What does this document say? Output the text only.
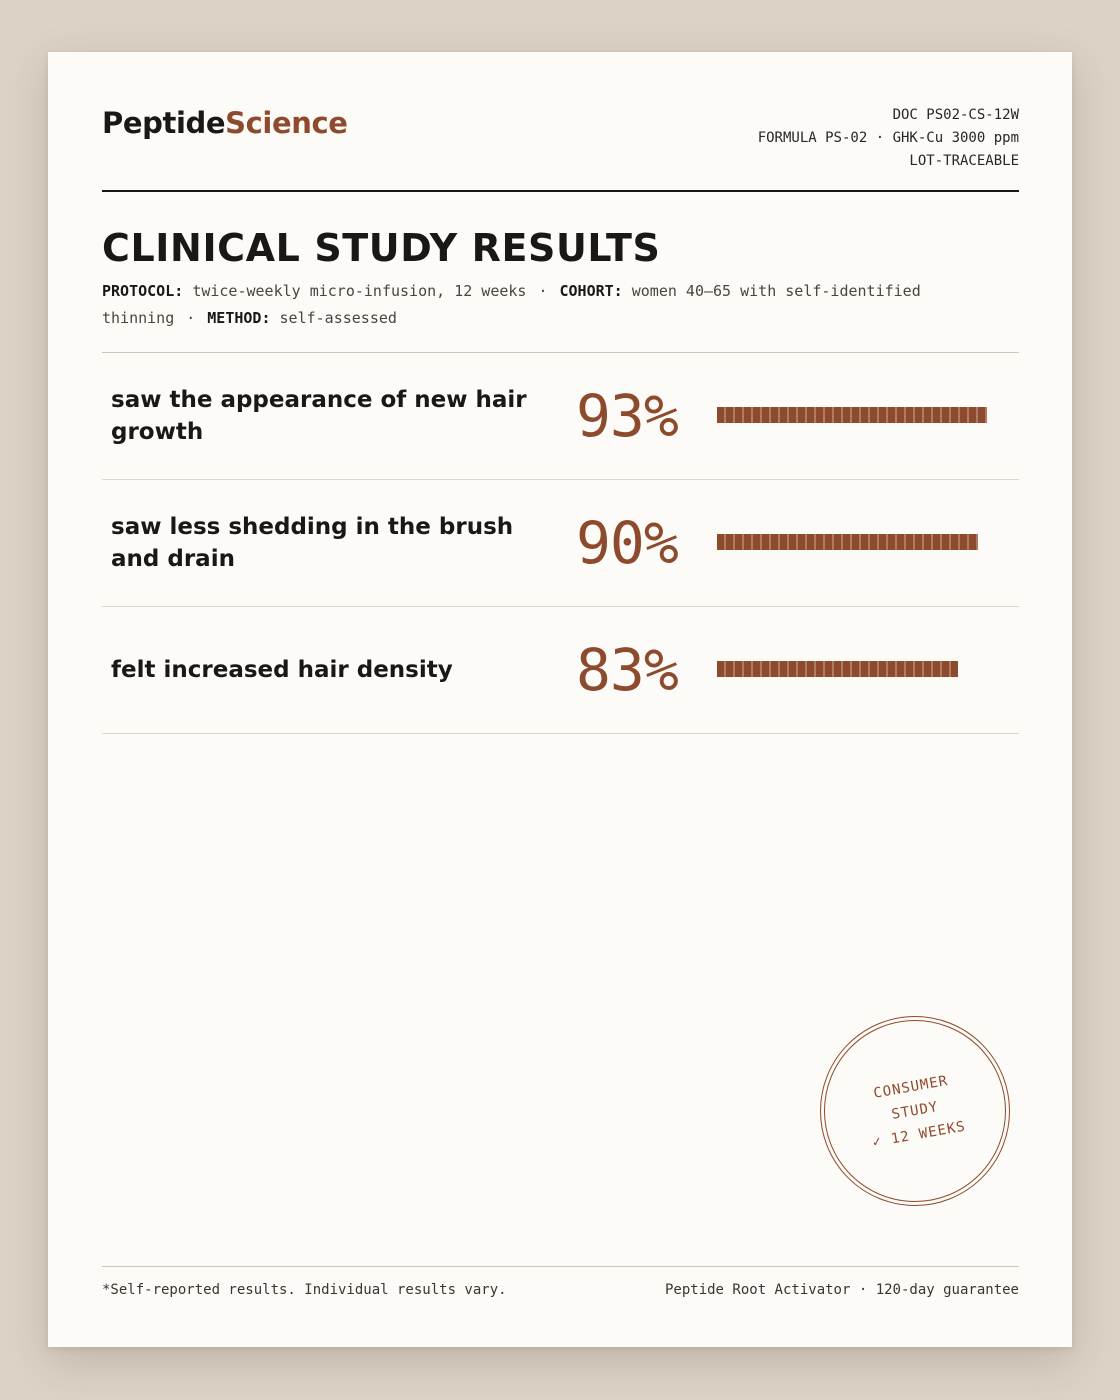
PeptideScience	DOC PS02-CS-12W
FORMULA PS-02 · GHK-Cu 3000 ppm
LOT-TRACEABLE
CLINICAL STUDY RESULTS
PROTOCOL: twice-weekly micro-infusion, 12 weeks · COHORT: women 40–65 with self-identified thinning · METHOD: self-assessed
saw the appearance of new hair growth	93%
saw less shedding in the brush and drain	90%
felt increased hair density	83%
CONSUMER
STUDY
✓ 12 WEEKS
*Self-reported results. Individual results vary.	Peptide Root Activator · 120-day guarantee
